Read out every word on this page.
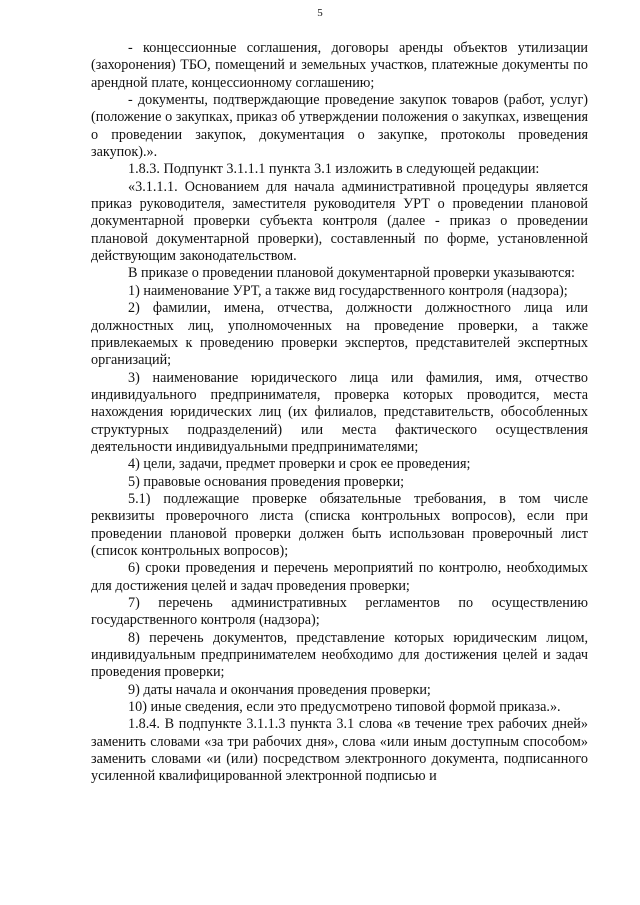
5

- концессионные соглашения, договоры аренды объектов утилизации (захоронения) ТБО, помещений и земельных участков, платежные документы по арендной плате, концессионному соглашению;

- документы, подтверждающие проведение закупок товаров (работ, услуг) (положение о закупках, приказ об утверждении положения о закупках, извещения о проведении закупок, документация о закупке, протоколы проведения закупок).».

1.8.3. Подпункт 3.1.1.1 пункта 3.1 изложить в следующей редакции:

«3.1.1.1. Основанием для начала административной процедуры является приказ руководителя, заместителя руководителя УРТ о проведении плановой документарной проверки субъекта контроля (далее - приказ о проведении плановой документарной проверки), составленный по форме, установленной действующим законодательством.

В приказе о проведении плановой документарной проверки указываются:

1) наименование УРТ, а также вид государственного контроля (надзора);

2) фамилии, имена, отчества, должности должностного лица или должностных лиц, уполномоченных на проведение проверки, а также привлекаемых к проведению проверки экспертов, представителей экспертных организаций;

3) наименование юридического лица или фамилия, имя, отчество индивидуального предпринимателя, проверка которых проводится, места нахождения юридических лиц (их филиалов, представительств, обособленных структурных подразделений) или места фактического осуществления деятельности индивидуальными предпринимателями;

4) цели, задачи, предмет проверки и срок ее проведения;

5) правовые основания проведения проверки;

5.1) подлежащие проверке обязательные требования, в том числе реквизиты проверочного листа (списка контрольных вопросов), если при проведении плановой проверки должен быть использован проверочный лист (список контрольных вопросов);

6) сроки проведения и перечень мероприятий по контролю, необходимых для достижения целей и задач проведения проверки;

7) перечень административных регламентов по осуществлению государственного контроля (надзора);

8) перечень документов, представление которых юридическим лицом, индивидуальным предпринимателем необходимо для достижения целей и задач проведения проверки;

9) даты начала и окончания проведения проверки;

10) иные сведения, если это предусмотрено типовой формой приказа.».

1.8.4. В подпункте 3.1.1.3 пункта 3.1 слова «в течение трех рабочих дней» заменить словами «за три рабочих дня», слова «или иным доступным способом» заменить словами «и (или) посредством электронного документа, подписанного усиленной квалифицированной электронной подписью и
